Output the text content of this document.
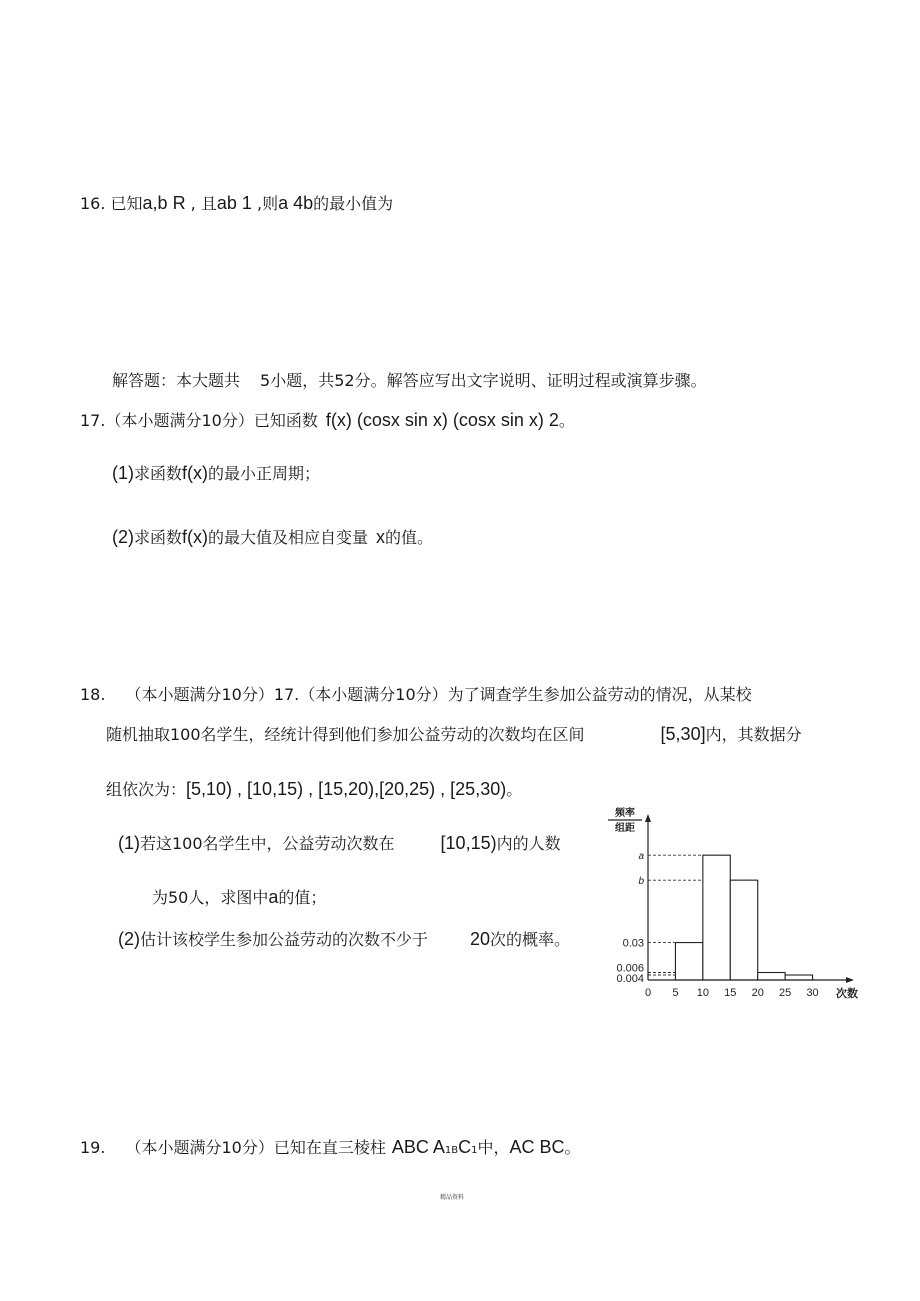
16. 已知a,b R , 且ab 1 ,则a 4b的最小值为
解答题：本大题共 5小题，共52分。解答应写出文字说明、证明过程或演算步骤。
17.（本小题满分10分）已知函数 f(x) (cosx sin x) (cosx sin x) 2。
(1)求函数f(x)的最小正周期；
(2)求函数f(x)的最大值及相应自变量 x的值。
18. （本小题满分10分）17.（本小题满分10分）为了调查学生参加公益劳动的情况，从某校
随机抽取100名学生，经统计得到他们参加公益劳动的次数均在区间	[5,30]内，其数据分
组依次为：[5,10) , [10,15) , [15,20),[20,25) , [25,30)。
(1)若这100名学生中，公益劳动次数在	[10,15)内的人数
为50人，求图中a的值；
(2)估计该校学生参加公益劳动的次数不少于 20次的概率。
频率
组距
0.004
0.006
0.03
b
a
0 5 10 15 20 25 30 次数
19. （本小题满分10分）已知在直三棱柱 ABC A1BC1中，AC BC。
精品资料
